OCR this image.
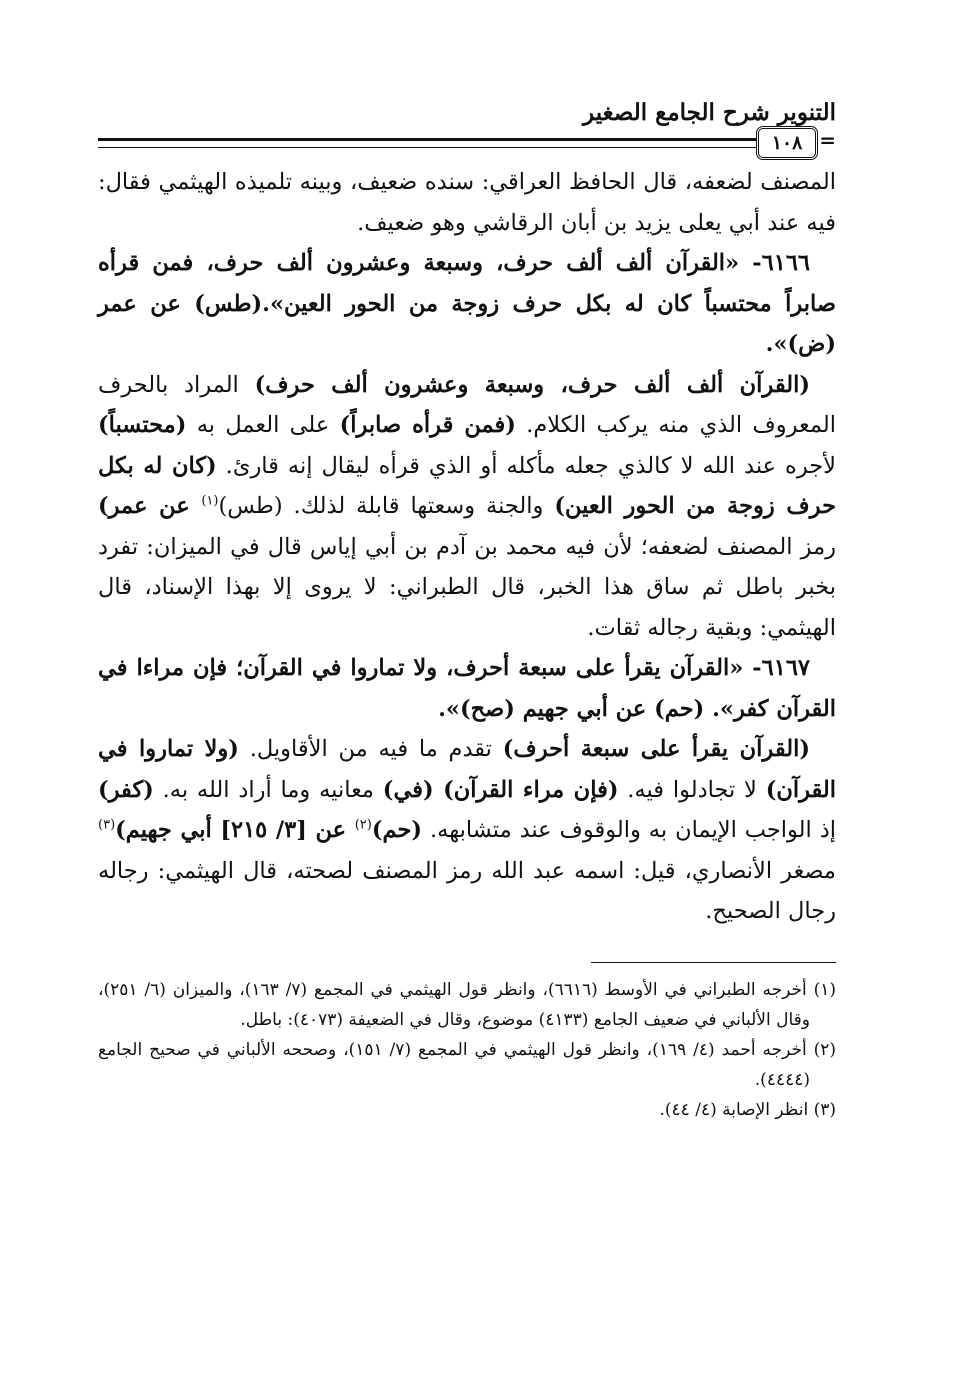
التنوير شرح الجامع الصغير
=
١٠٨

المصنف لضعفه، قال الحافظ العراقي: سنده ضعيف، وبينه تلميذه الهيثمي فقال: فيه عند أبي يعلى يزيد بن أبان الرقاشي وهو ضعيف.

٦١٦٦- «القرآن ألف ألف حرف، وسبعة وعشرون ألف حرف، فمن قرأه صابراً محتسباً كان له بكل حرف زوجة من الحور العين».(طس) عن عمر (ض)».

(القرآن ألف ألف حرف، وسبعة وعشرون ألف حرف) المراد بالحرف المعروف الذي منه يركب الكلام. (فمن قرأه صابراً) على العمل به (محتسباً) لأجره عند الله لا كالذي جعله مأكله أو الذي قرأه ليقال إنه قارئ. (كان له بكل حرف زوجة من الحور العين) والجنة وسعتها قابلة لذلك. (طس)$^{(١)}$ عن عمر) رمز المصنف لضعفه؛ لأن فيه محمد بن آدم بن أبي إياس قال في الميزان: تفرد بخبر باطل ثم ساق هذا الخبر، قال الطبراني: لا يروى إلا بهذا الإسناد، قال الهيثمي: وبقية رجاله ثقات.

٦١٦٧- «القرآن يقرأ على سبعة أحرف، ولا تماروا في القرآن؛ فإن مراءا في القرآن كفر». (حم) عن أبي جهيم (صح)».

(القرآن يقرأ على سبعة أحرف) تقدم ما فيه من الأقاويل. (ولا تماروا في القرآن) لا تجادلوا فيه. (فإن مراء القرآن) (في) معانيه وما أراد الله به. (كفر) إذ الواجب الإيمان به والوقوف عند متشابهه. (حم)$^{(٢)}$ عن [٣/ ٢١٥] أبي جهيم)$^{(٣)}$ مصغر الأنصاري، قيل: اسمه عبد الله رمز المصنف لصحته، قال الهيثمي: رجاله رجال الصحيح.

(١) أخرجه الطبراني في الأوسط (٦٦١٦)، وانظر قول الهيثمي في المجمع (٧/ ١٦٣)، والميزان (٦/ ٢٥١)، وقال الألباني في ضعيف الجامع (٤١٣٣) موضوع، وقال في الضعيفة (٤٠٧٣): باطل.

(٢) أخرجه أحمد (٤/ ١٦٩)، وانظر قول الهيثمي في المجمع (٧/ ١٥١)، وصححه الألباني في صحيح الجامع (٤٤٤٤).

(٣) انظر الإصابة (٤/ ٤٤).
